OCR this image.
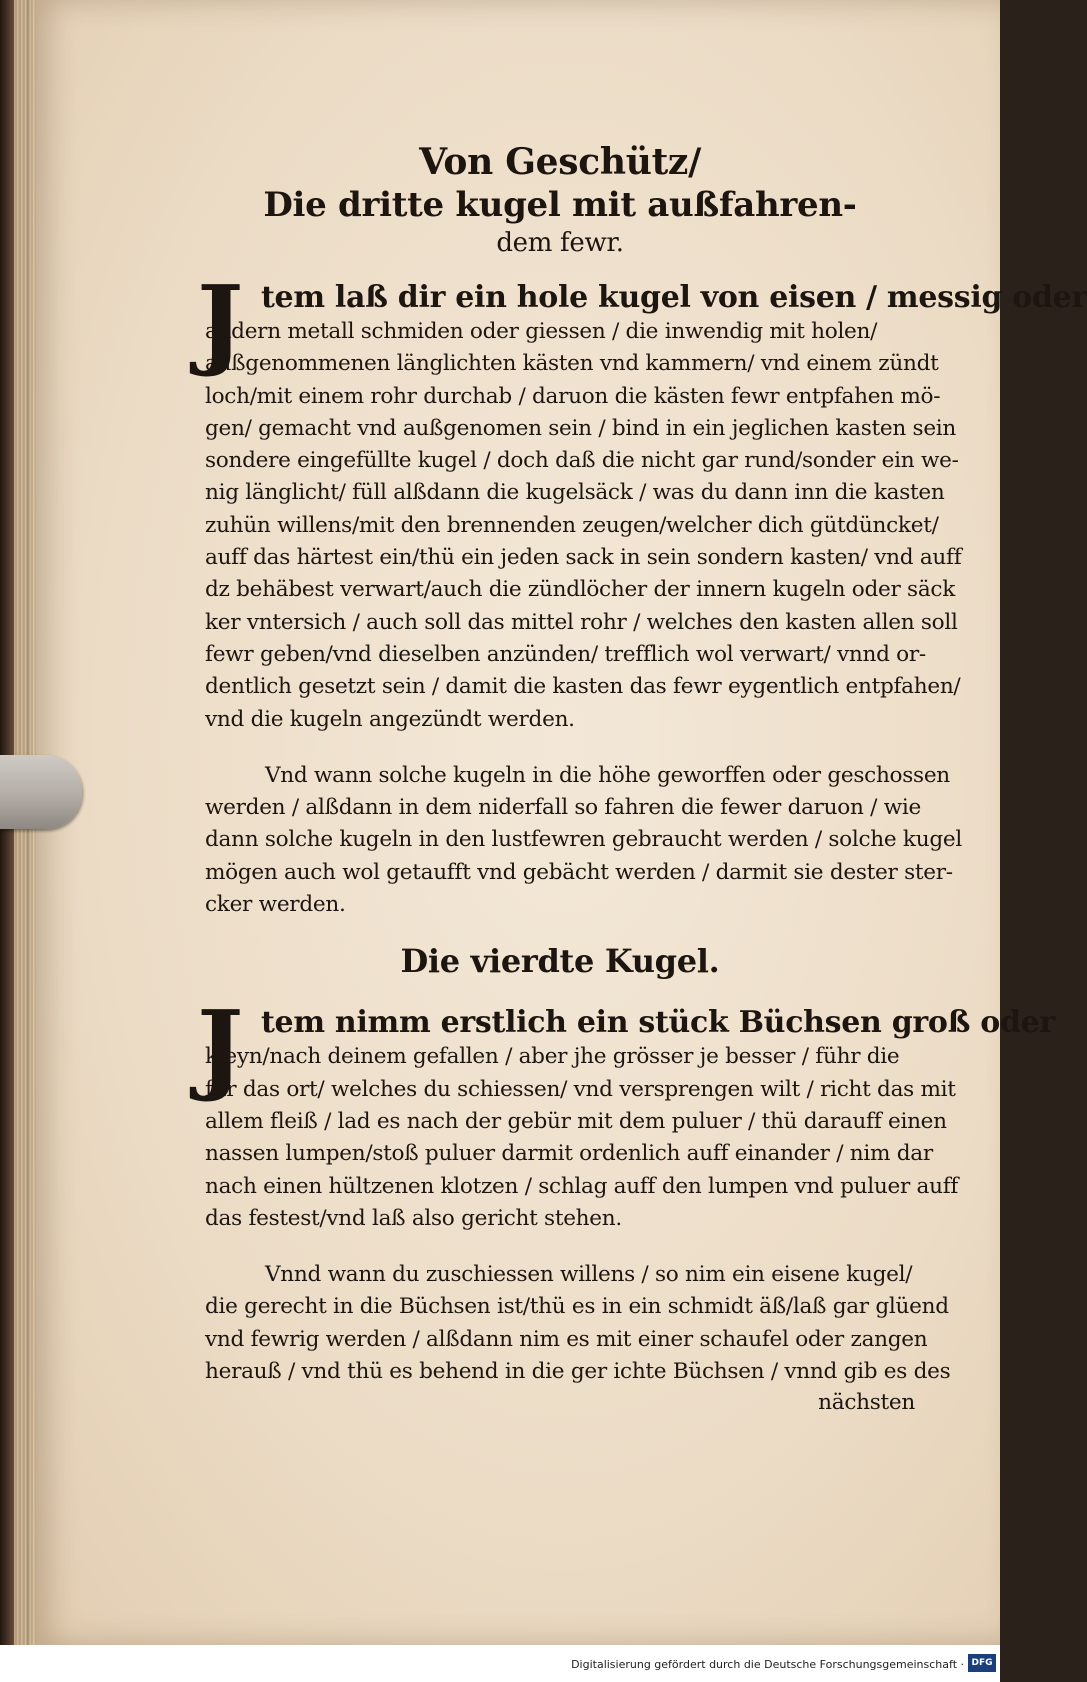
Von Geschütz/
Die dritte kugel mit außfahren-
dem fewr.
J tem laß dir ein hole kugel von eisen / messig oder
andern metall schmiden oder giessen / die inwendig mit holen/
außgenommenen länglichten kästen vnd kammern/ vnd einem zündt
loch/mit einem rohr durchab / daruon die kästen fewr entpfahen mö-
gen/ gemacht vnd außgenomen sein / bind in ein jeglichen kasten sein
sondere eingefüllte kugel / doch daß die nicht gar rund/sonder ein we-
nig länglicht/ füll alßdann die kugelsäck / was du dann inn die kasten
zuhün willens/mit den brennenden zeugen/welcher dich gütdüncket/
auff das härtest ein/thü ein jeden sack in sein sondern kasten/ vnd auff
dz behäbest verwart/auch die zündlöcher der innern kugeln oder säck
ker vntersich / auch soll das mittel rohr / welches den kasten allen soll
fewr geben/vnd dieselben anzünden/ trefflich wol verwart/ vnnd or-
dentlich gesetzt sein / damit die kasten das fewr eygentlich entpfahen/
vnd die kugeln angezündt werden.
Vnd wann solche kugeln in die höhe geworffen oder geschossen
werden / alßdann in dem niderfall so fahren die fewer daruon / wie
dann solche kugeln in den lustfewren gebraucht werden / solche kugel
mögen auch wol getaufft vnd gebächt werden / darmit sie dester ster-
cker werden.
Die vierdte Kugel.
J tem nimm erstlich ein stück Büchsen groß oder
kleyn/nach deinem gefallen / aber jhe grösser je besser / führ die
für das ort/ welches du schiessen/ vnd versprengen wilt / richt das mit
allem fleiß / lad es nach der gebür mit dem puluer / thü darauff einen
nassen lumpen/stoß puluer darmit ordenlich auff einander / nim dar
nach einen hültzenen klotzen / schlag auff den lumpen vnd puluer auff
das festest/vnd laß also gericht stehen.
Vnnd wann du zuschiessen willens / so nim ein eisene kugel/
die gerecht in die Büchsen ist/thü es in ein schmidt äß/laß gar glüend
vnd fewrig werden / alßdann nim es mit einer schaufel oder zangen
herauß / vnd thü es behend in die ger ichte Büchsen / vnnd gib es des
nächsten
Digitalisierung gefördert durch die Deutsche Forschungsgemeinschaft · DFG
